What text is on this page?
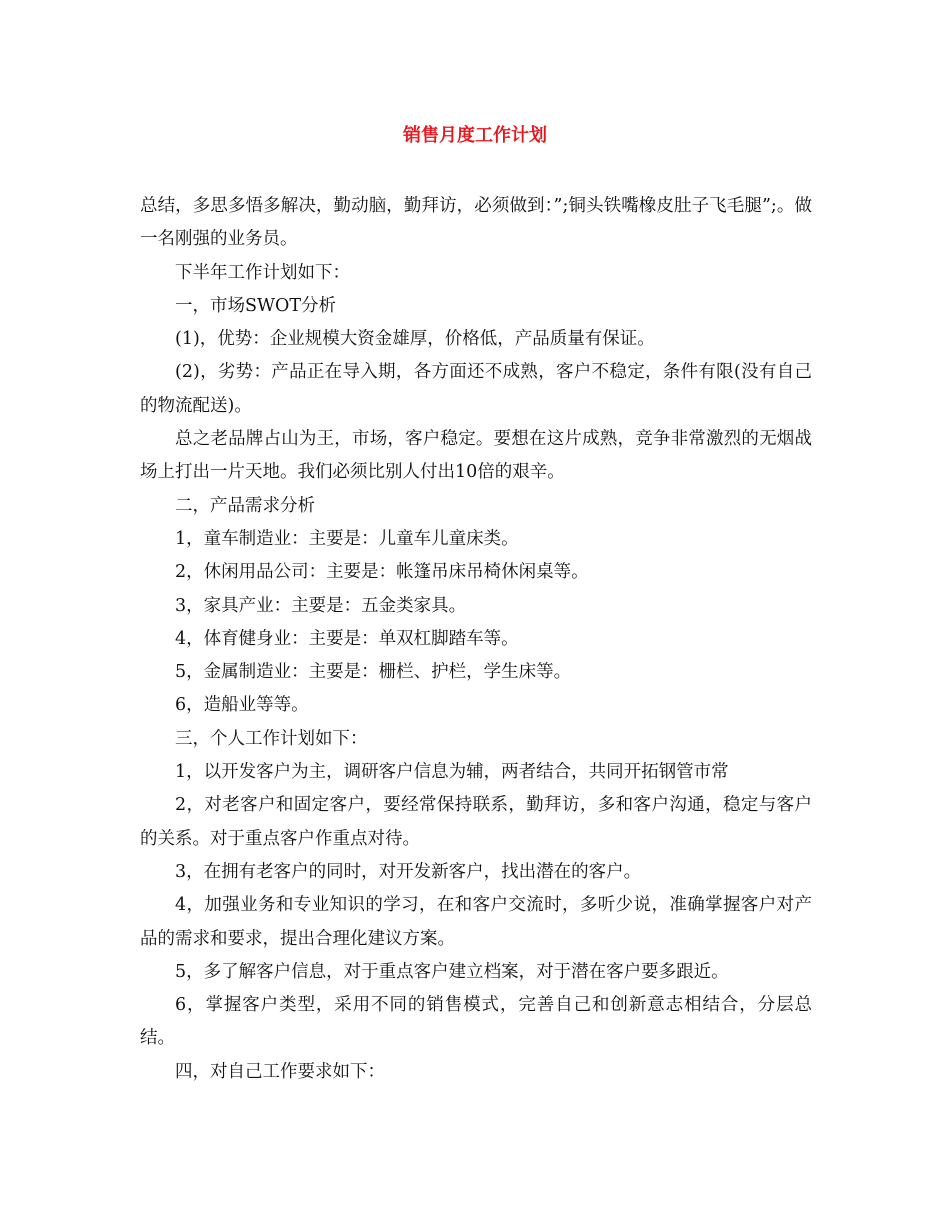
销售月度工作计划

总结，多思多悟多解决，勤动脑，勤拜访，必须做到：”;铜头铁嘴橡皮肚子飞毛腿”;。做一名刚强的业务员。

下半年工作计划如下：

一，市场SWOT分析

(1)，优势：企业规模大资金雄厚，价格低，产品质量有保证。

(2)，劣势：产品正在导入期，各方面还不成熟，客户不稳定，条件有限(没有自己的物流配送)。

总之老品牌占山为王，市场，客户稳定。要想在这片成熟，竞争非常激烈的无烟战场上打出一片天地。我们必须比别人付出10倍的艰辛。

二，产品需求分析

1，童车制造业：主要是：儿童车儿童床类。

2，休闲用品公司：主要是：帐篷吊床吊椅休闲桌等。

3，家具产业：主要是：五金类家具。

4，体育健身业：主要是：单双杠脚踏车等。

5，金属制造业：主要是：栅栏、护栏，学生床等。

6，造船业等等。

三，个人工作计划如下：

1，以开发客户为主，调研客户信息为辅，两者结合，共同开拓钢管市常

2，对老客户和固定客户，要经常保持联系，勤拜访，多和客户沟通，稳定与客户的关系。对于重点客户作重点对待。

3，在拥有老客户的同时，对开发新客户，找出潜在的客户。

4，加强业务和专业知识的学习，在和客户交流时，多听少说，准确掌握客户对产品的需求和要求，提出合理化建议方案。

5，多了解客户信息，对于重点客户建立档案，对于潜在客户要多跟近。

6，掌握客户类型，采用不同的销售模式，完善自己和创新意志相结合，分层总结。

四，对自己工作要求如下：
